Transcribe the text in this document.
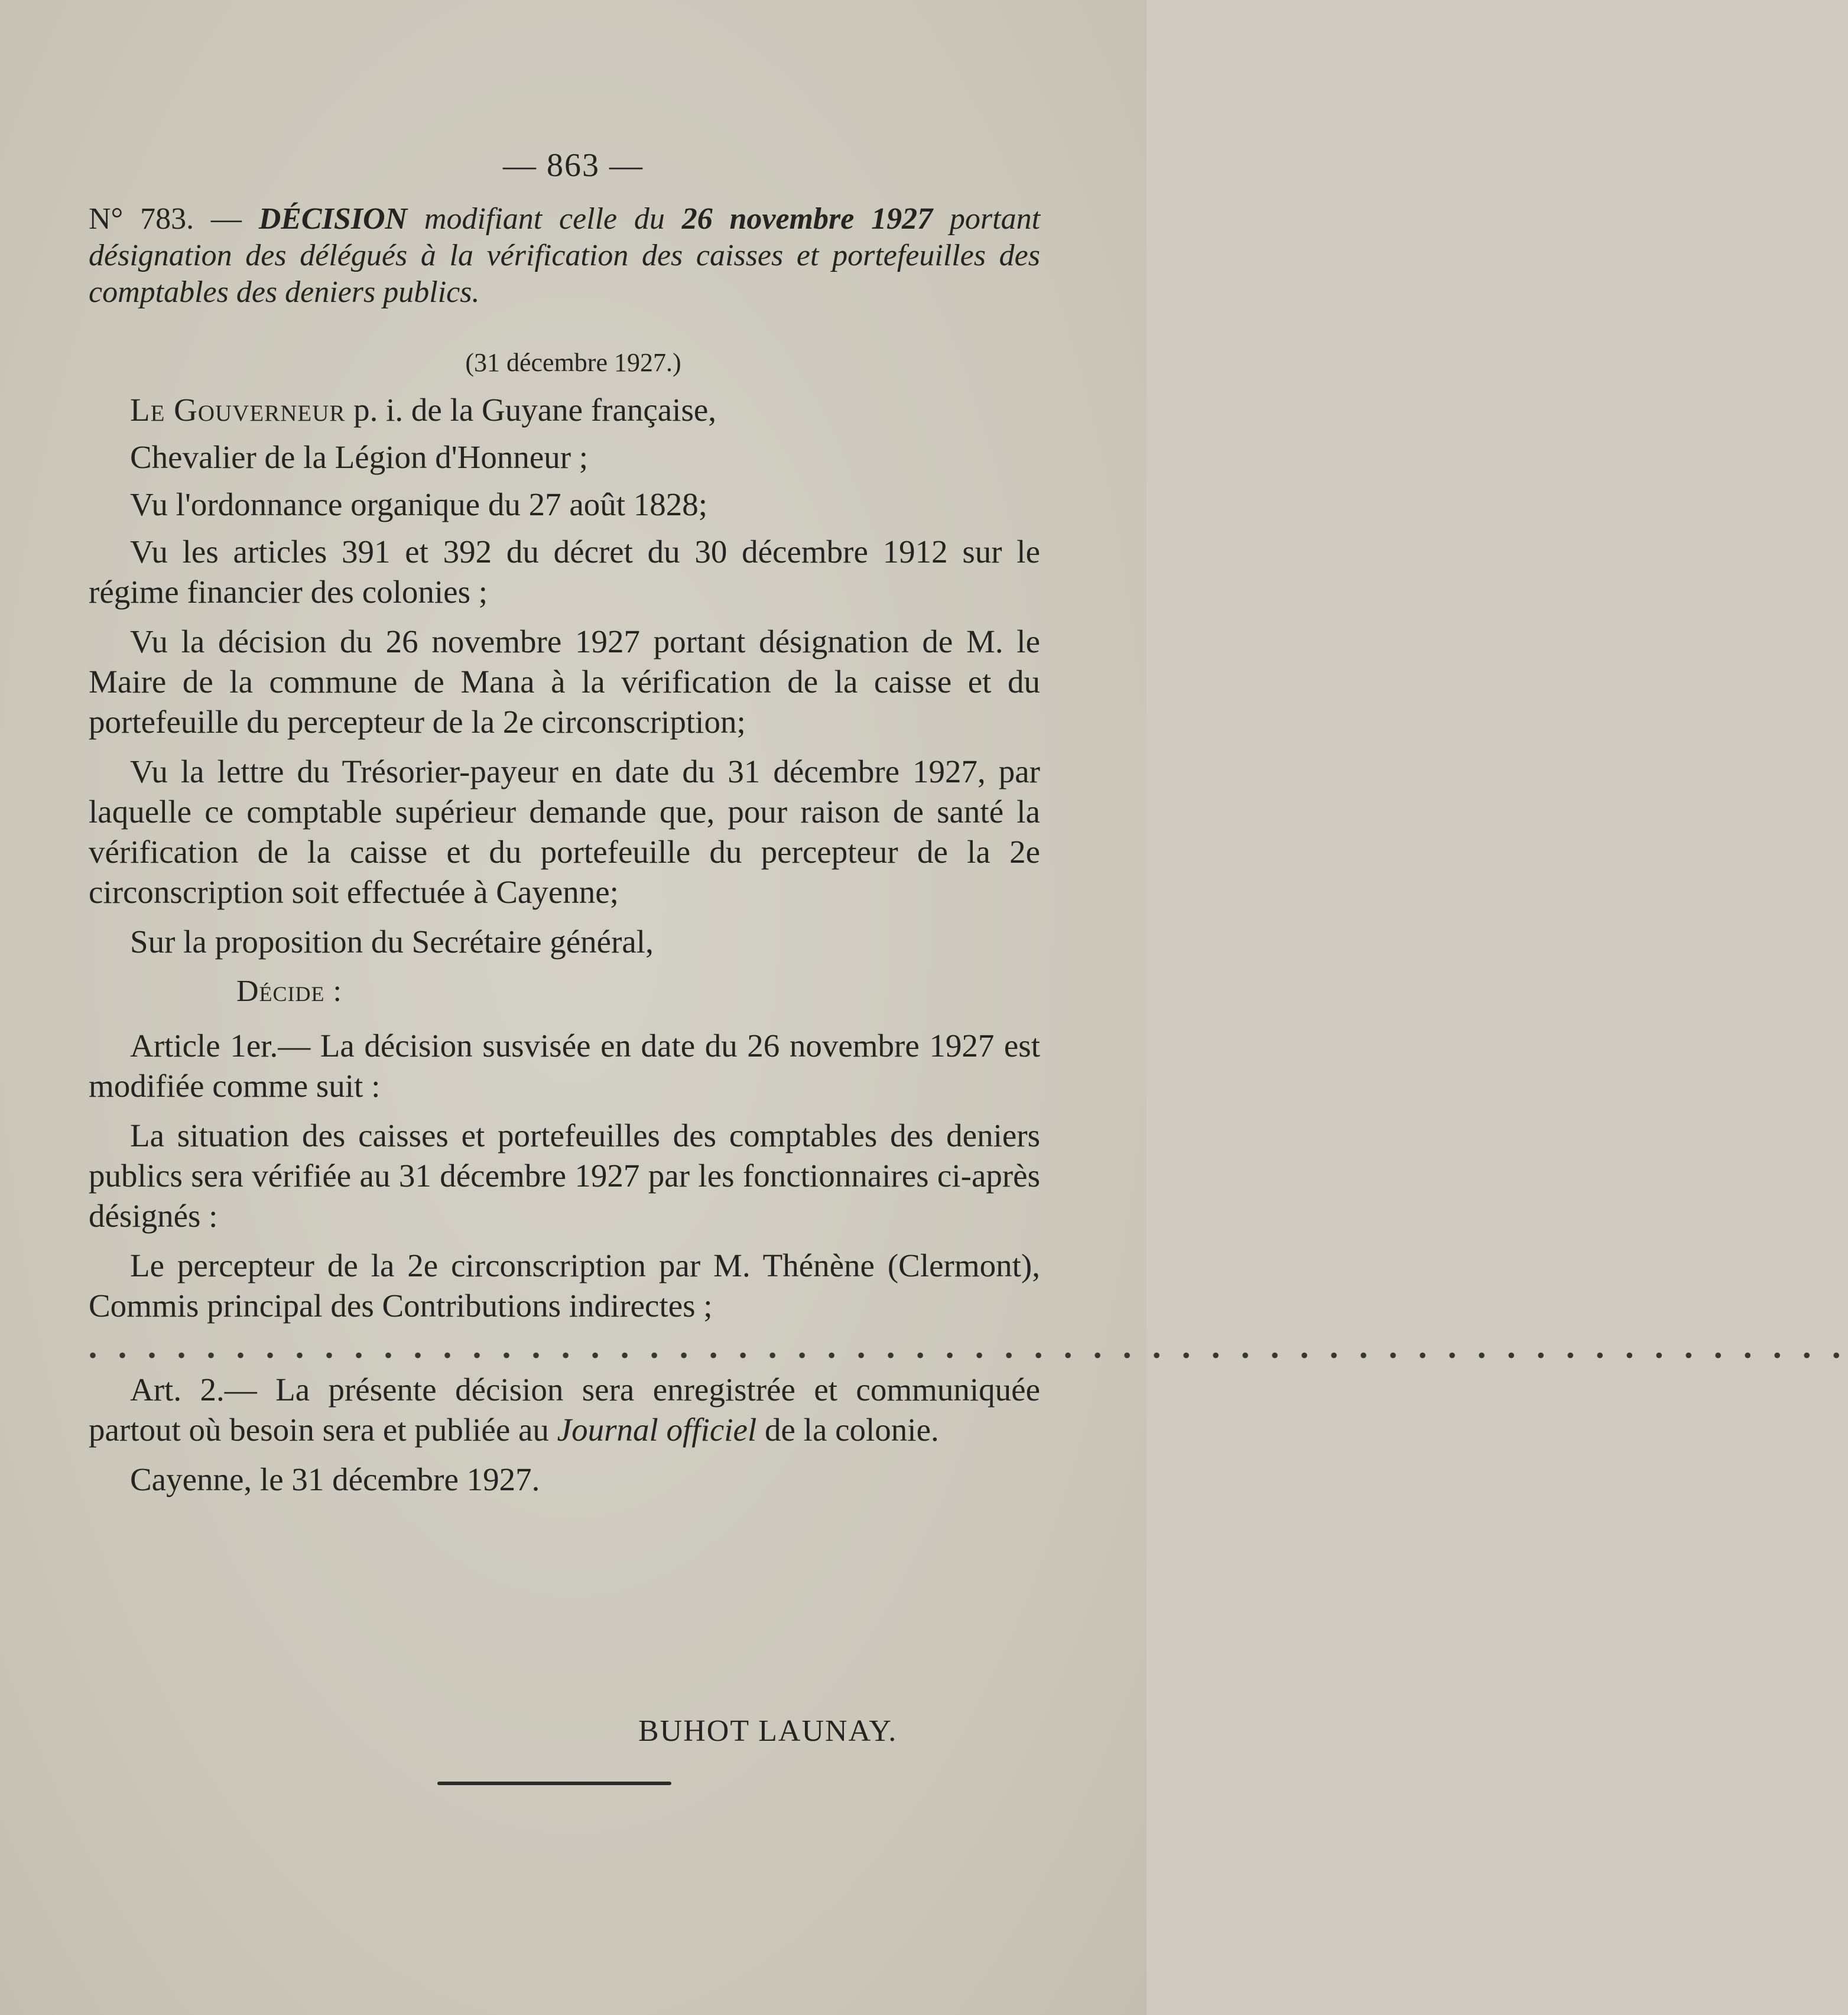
— 863 —
N° 783. — DÉCISION modifiant celle du 26 novembre 1927 portant désignation des délégués à la vérification des caisses et portefeuilles des comptables des deniers publics.
(31 décembre 1927.)

Le Gouverneur p. i. de la Guyane française,

Chevalier de la Légion d'Honneur ;

Vu l'ordonnance organique du 27 août 1828;

Vu les articles 391 et 392 du décret du 30 décembre 1912 sur le régime financier des colonies ;

Vu la décision du 26 novembre 1927 portant désignation de M. le Maire de la commune de Mana à la vérification de la caisse et du portefeuille du percepteur de la 2e circonscription;

Vu la lettre du Trésorier-payeur en date du 31 décembre 1927, par laquelle ce comptable supérieur demande que, pour raison de santé la vérification de la caisse et du portefeuille du percepteur de la 2e circonscription soit effectuée à Cayenne;

Sur la proposition du Secrétaire général,

Décide :

Article 1er.— La décision susvisée en date du 26 novembre 1927 est modifiée comme suit :

La situation des caisses et portefeuilles des comptables des deniers publics sera vérifiée au 31 décembre 1927 par les fonctionnaires ci-après désignés :

Le percepteur de la 2e circonscription par M. Thénène (Clermont), Commis principal des Contributions indirectes ;

• • • • • • • • • • • • • • • • • • • • • • • • • • • • • • • • • • • • • • • • • • • • • • • • • • • • • • • • • • • •

Art. 2.— La présente décision sera enregistrée et communiquée partout où besoin sera et publiée au Journal officiel de la colonie.

Cayenne, le 31 décembre 1927.

BUHOT LAUNAY.
